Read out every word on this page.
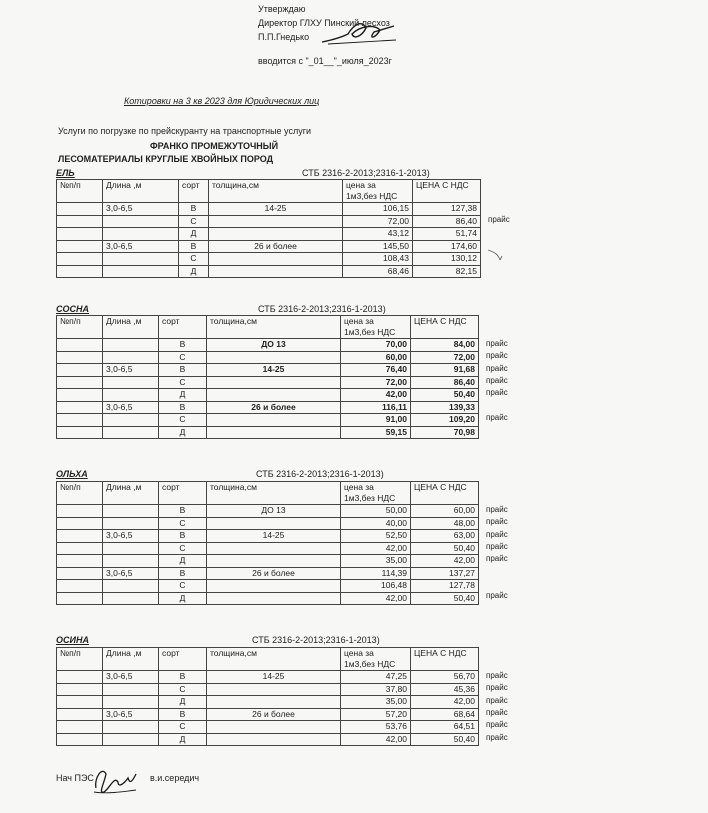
Утверждаю
Директор ГЛХУ Пинский лесхоз
П.П.Гнедько
вводится с "_01__"_июля_2023г
Котировки на 3 кв 2023 для Юридических лиц
Услуги по погрузке по прейскуранту на транспортные услуги
ФРАНКО ПРОМЕЖУТОЧНЫЙ
ЛЕСОМАТЕРИАЛЫ КРУГЛЫЕ ХВОЙНЫХ ПОРОД
ЕЛЬ	СТБ 2316-2-2013;2316-1-2013)
прайс
№п/п	Длина ,м	сорт	толщина,см	цена за
1м3,без НДС	ЦЕНА С НДС
	3,0-6,5	В	14-25	106,15	127,38
		С		72,00	86,40
		Д		43,12	51,74
	3,0-6,5	В	26 и более	145,50	174,60
		С		108,43	130,12
		Д		68,46	82,15
СОСНА	СТБ 2316-2-2013;2316-1-2013)
прайс
прайс
прайс
прайс
прайс
прайс
№п/п	Длина ,м	сорт	толщина,см	цена за
1м3,без НДС	ЦЕНА С НДС
		В	ДО 13	70,00	84,00
		С		60,00	72,00
	3,0-6,5	В	14-25	76,40	91,68
		С		72,00	86,40
		Д		42,00	50,40
	3,0-6,5	В	26 и более	116,11	139,33
		С		91,00	109,20
		Д		59,15	70,98
ОЛЬХА	СТБ 2316-2-2013;2316-1-2013)
прайс
прайс
прайс
прайс
прайс
прайс
№п/п	Длина ,м	сорт	толщина,см	цена за
1м3,без НДС	ЦЕНА С НДС
		В	ДО 13	50,00	60,00
		С		40,00	48,00
	3,0-6,5	В	14-25	52,50	63,00
		С		42,00	50,40
		Д		35,00	42,00
	3,0-6,5	В	26 и более	114,39	137,27
		С		106,48	127,78
		Д		42,00	50,40
ОСИНА	СТБ 2316-2-2013;2316-1-2013)
прайс
прайс
прайс
прайс
прайс
прайс
№п/п	Длина ,м	сорт	толщина,см	цена за
1м3,без НДС	ЦЕНА С НДС
	3,0-6,5	В	14-25	47,25	56,70
		С		37,80	45,36
		Д		35,00	42,00
	3,0-6,5	В	26 и более	57,20	68,64
		С		53,76	64,51
		Д		42,00	50,40
Нач ПЭС	в.и.середич
